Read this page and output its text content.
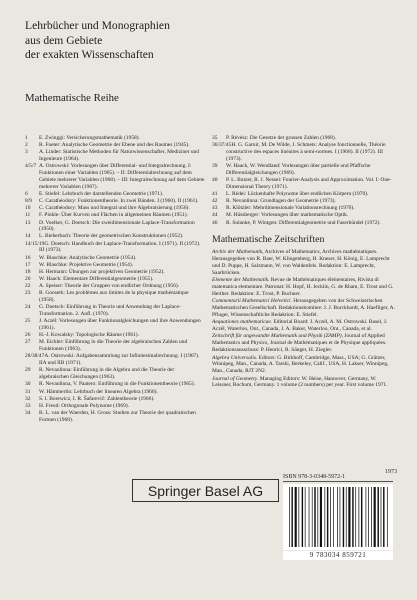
Lehrbücher und Monographien
aus dem Gebiete
der exakten Wissenschaften
Mathematische Reihe
1 E. Zwinggi: Versicherungsmathematik (1958).
2 R. Fueter: Analytische Geometrie der Ebene und des Raumes (1945).
3 A. Linder: Statistische Methoden für Naturwissenschafter, Mediziner und Ingenieure (1964).
4/5/7 A. Ostrowski: Vorlesungen über Differential- und Integralrechnung. I: Funktionen einer Variablen (1965). – II: Differentialrechnung auf dem Gebiete mehrerer Variablen (1968). – III: Integralrechnung auf dem Gebiete mehrerer Variablen (1967).
6 E. Stiefel: Lehrbuch der darstellenden Geometrie (1971).
8/9 C. Carathéodory: Funktionentheorie. In zwei Bänden. I (1960). II (1961).
10 C. Carathéodory: Mass und Integral und ihre Algebraisierung (1956).
11 F. Pinkle: Über Kurven und Flächen in allgemeinen Räumen (1951).
13 D. Voelker, G. Doetsch: Die zweidimensionale Laplace-Transformation (1950).
14 L. Bieberbach: Theorie der geometrischen Konstruktionen (1952).
14/15/19G. Doetsch: Handbuch der Laplace-Transformation. I (1971). II (1972). III (1973).
16 W. Blaschke: Analytische Geometrie (1954).
17 W. Blaschke: Projektive Geometrie (1954).
18 H. Hermann: Übungen zur projektiven Geometrie (1952).
20 W. Haack: Elementare Differentialgeometrie (1955).
22 A. Speiser: Theorie der Gruppen von endlicher Ordnung (1956).
23 R. Gonseth: Les problèmes aux limites de la physique mathématique (1958).
24 G. Doetsch: Einführung in Theorie und Anwendung der Laplace-Transformation. 2. Aufl. (1970).
25 J. Aczél: Vorlesungen über Funktionalgleichungen und ihre Anwendungen (1961).
26 H.-J. Kowalsky: Topologische Räume (1961).
27 M. Eichler: Einführung in die Theorie der algebraischen Zahlen und Funktionen (1963).
28/38/47A. Ostrowski: Aufgabensammlung zur Infinitesimalrechnung. I (1967). IIA und IIB (1971).
29 R. Nevanlinna: Einführung in die Algebra und die Theorie der algebraischen Gleichungen (1963).
30 R. Nevanlinna, V. Paatero: Einführung in die Funktionentheorie (1965).
31 W. Hämmerlin: Lehrbuch der linearen Algebra (1966).
32 S. I. Borewicz, I. R. Šafarevič: Zahlentheorie (1966).
33 H. Freud: Orthogonale Polynome (1969).
34 B. L. van der Waerden, H. Gross: Studien zur Theorie der quadratischen Formen (1968).
35 P. Révész: Die Gesetze der grossen Zahlen (1968).
36/37/45H. G. Garnir, M. De Wilde, J. Schmets: Analyse fonctionnelle, Théorie constructive des espaces linéaires à semi-normes. I (1968). II (1972). III (1973).
39 W. Haack, W. Wendland: Vorlesungen über partielle und Pfaffsche Differentialgleichungen (1969).
40 P. L. Butzer, R. J. Nessel: Fourier-Analysis and Approximation. Vol. I: One-Dimensional Theory (1971).
41 L. Rédei: Lückenhafte Polynome über endlichen Körpern (1970).
42 R. Nevanlinna: Grundlagen der Geometrie (1973).
43 R. Klötzler: Mehrdimensionale Variationsrechnung (1970).
44 M. Hüssberger: Vorlesungen über mathematische Optik.
46 R. Sulanke, P. Wintgen: Differentialgeometrie und Faserbündel (1972).
Mathematische Zeitschriften
Archiv der Mathematik, Archives of Mathematics, Archives mathématiques. Herausgegeben von R. Baer, W. Klingenberg, H. Kneser, H. König, E. Lamprecht und D. Puppe, H. Salzmann, W. von Waldenfels. Redaktion: E. Lamprecht, Saarbrücken.
Elemente der Mathematik. Revue de Mathématiques élémentaires, Rivista di matematica elementare. Patronat: H. Hopf, H. Jecklin, G. de Rham, E. Trost und G. Herther. Redaktion: E. Trost, P. Buchner.
Commentarii Mathematici Helvetici. Herausgegeben von der Schweizerischen Mathematischen Gesellschaft. Redaktionskomitee: J. J. Burckhardt, A. Haefliger, A. Pfluger, Wissenschaftliche Redaktion: E. Stiefel.
Aequationes mathematicae. Editorial Board: J. Aczél, A. M. Ostrowski. Basel, J. Aczél, Waterloo, Ont., Canada, J. A. Baker, Waterloo, Ont., Canada, et al.
Zeitschrift für angewandte Mathematik und Physik (ZAMP), Journal of Applied Mathematics and Physics, Journal de Mathématiques et de Physique appliquées. Redaktionsausschuss: P. Henrici, R. Sänger, H. Ziegler.
Algebra Universalis. Editors: G. Birkhoff, Cambridge, Mass., USA; G. Grätzer, Winnipeg, Man., Canada, A. Tarski, Berkeley, Calif., USA, H. Lakser, Winnipeg, Man., Canada, RJT 2N2.
Journal of Geometry. Managing Editors: W. Heise, Hannover, Germany, W. Leissner, Bochum, Germany. 1 volume (2 numbers) per year. First volume 1971.
1973
ISBN 978-3-0348-5972-1
Springer Basel AG
9 783034 859721
